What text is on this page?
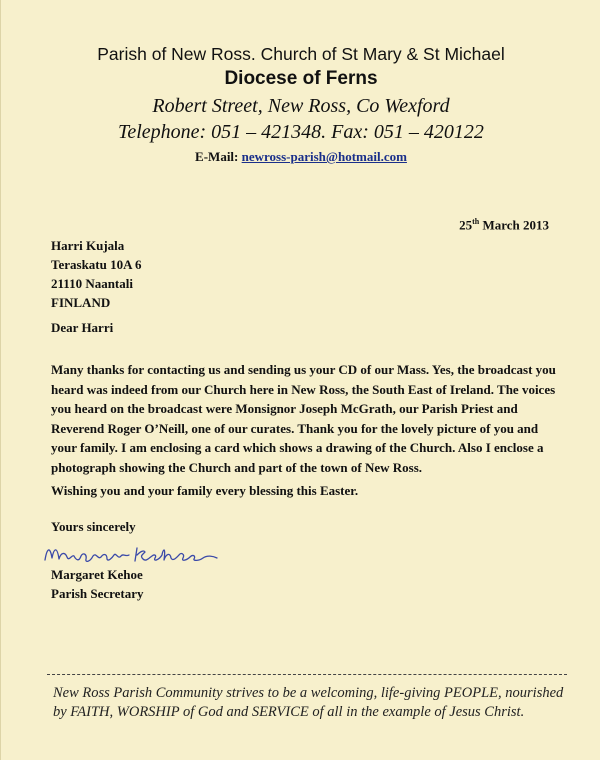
Parish of New Ross. Church of St Mary & St Michael
Diocese of Ferns
Robert Street, New Ross, Co Wexford
Telephone: 051 – 421348. Fax: 051 – 420122
E-Mail: newross-parish@hotmail.com
25th March 2013
Harri Kujala
Teraskatu 10A 6
21110 Naantali
FINLAND
Dear Harri
Many thanks for contacting us and sending us your CD of our Mass. Yes, the broadcast you heard was indeed from our Church here in New Ross, the South East of Ireland. The voices you heard on the broadcast were Monsignor Joseph McGrath, our Parish Priest and Reverend Roger O’Neill, one of our curates. Thank you for the lovely picture of you and your family. I am enclosing a card which shows a drawing of the Church. Also I enclose a photograph showing the Church and part of the town of New Ross.
Wishing you and your family every blessing this Easter.
Yours sincerely
Margaret Kehoe
Parish Secretary
New Ross Parish Community strives to be a welcoming, life-giving PEOPLE, nourished by FAITH, WORSHIP of God and SERVICE of all in the example of Jesus Christ.
